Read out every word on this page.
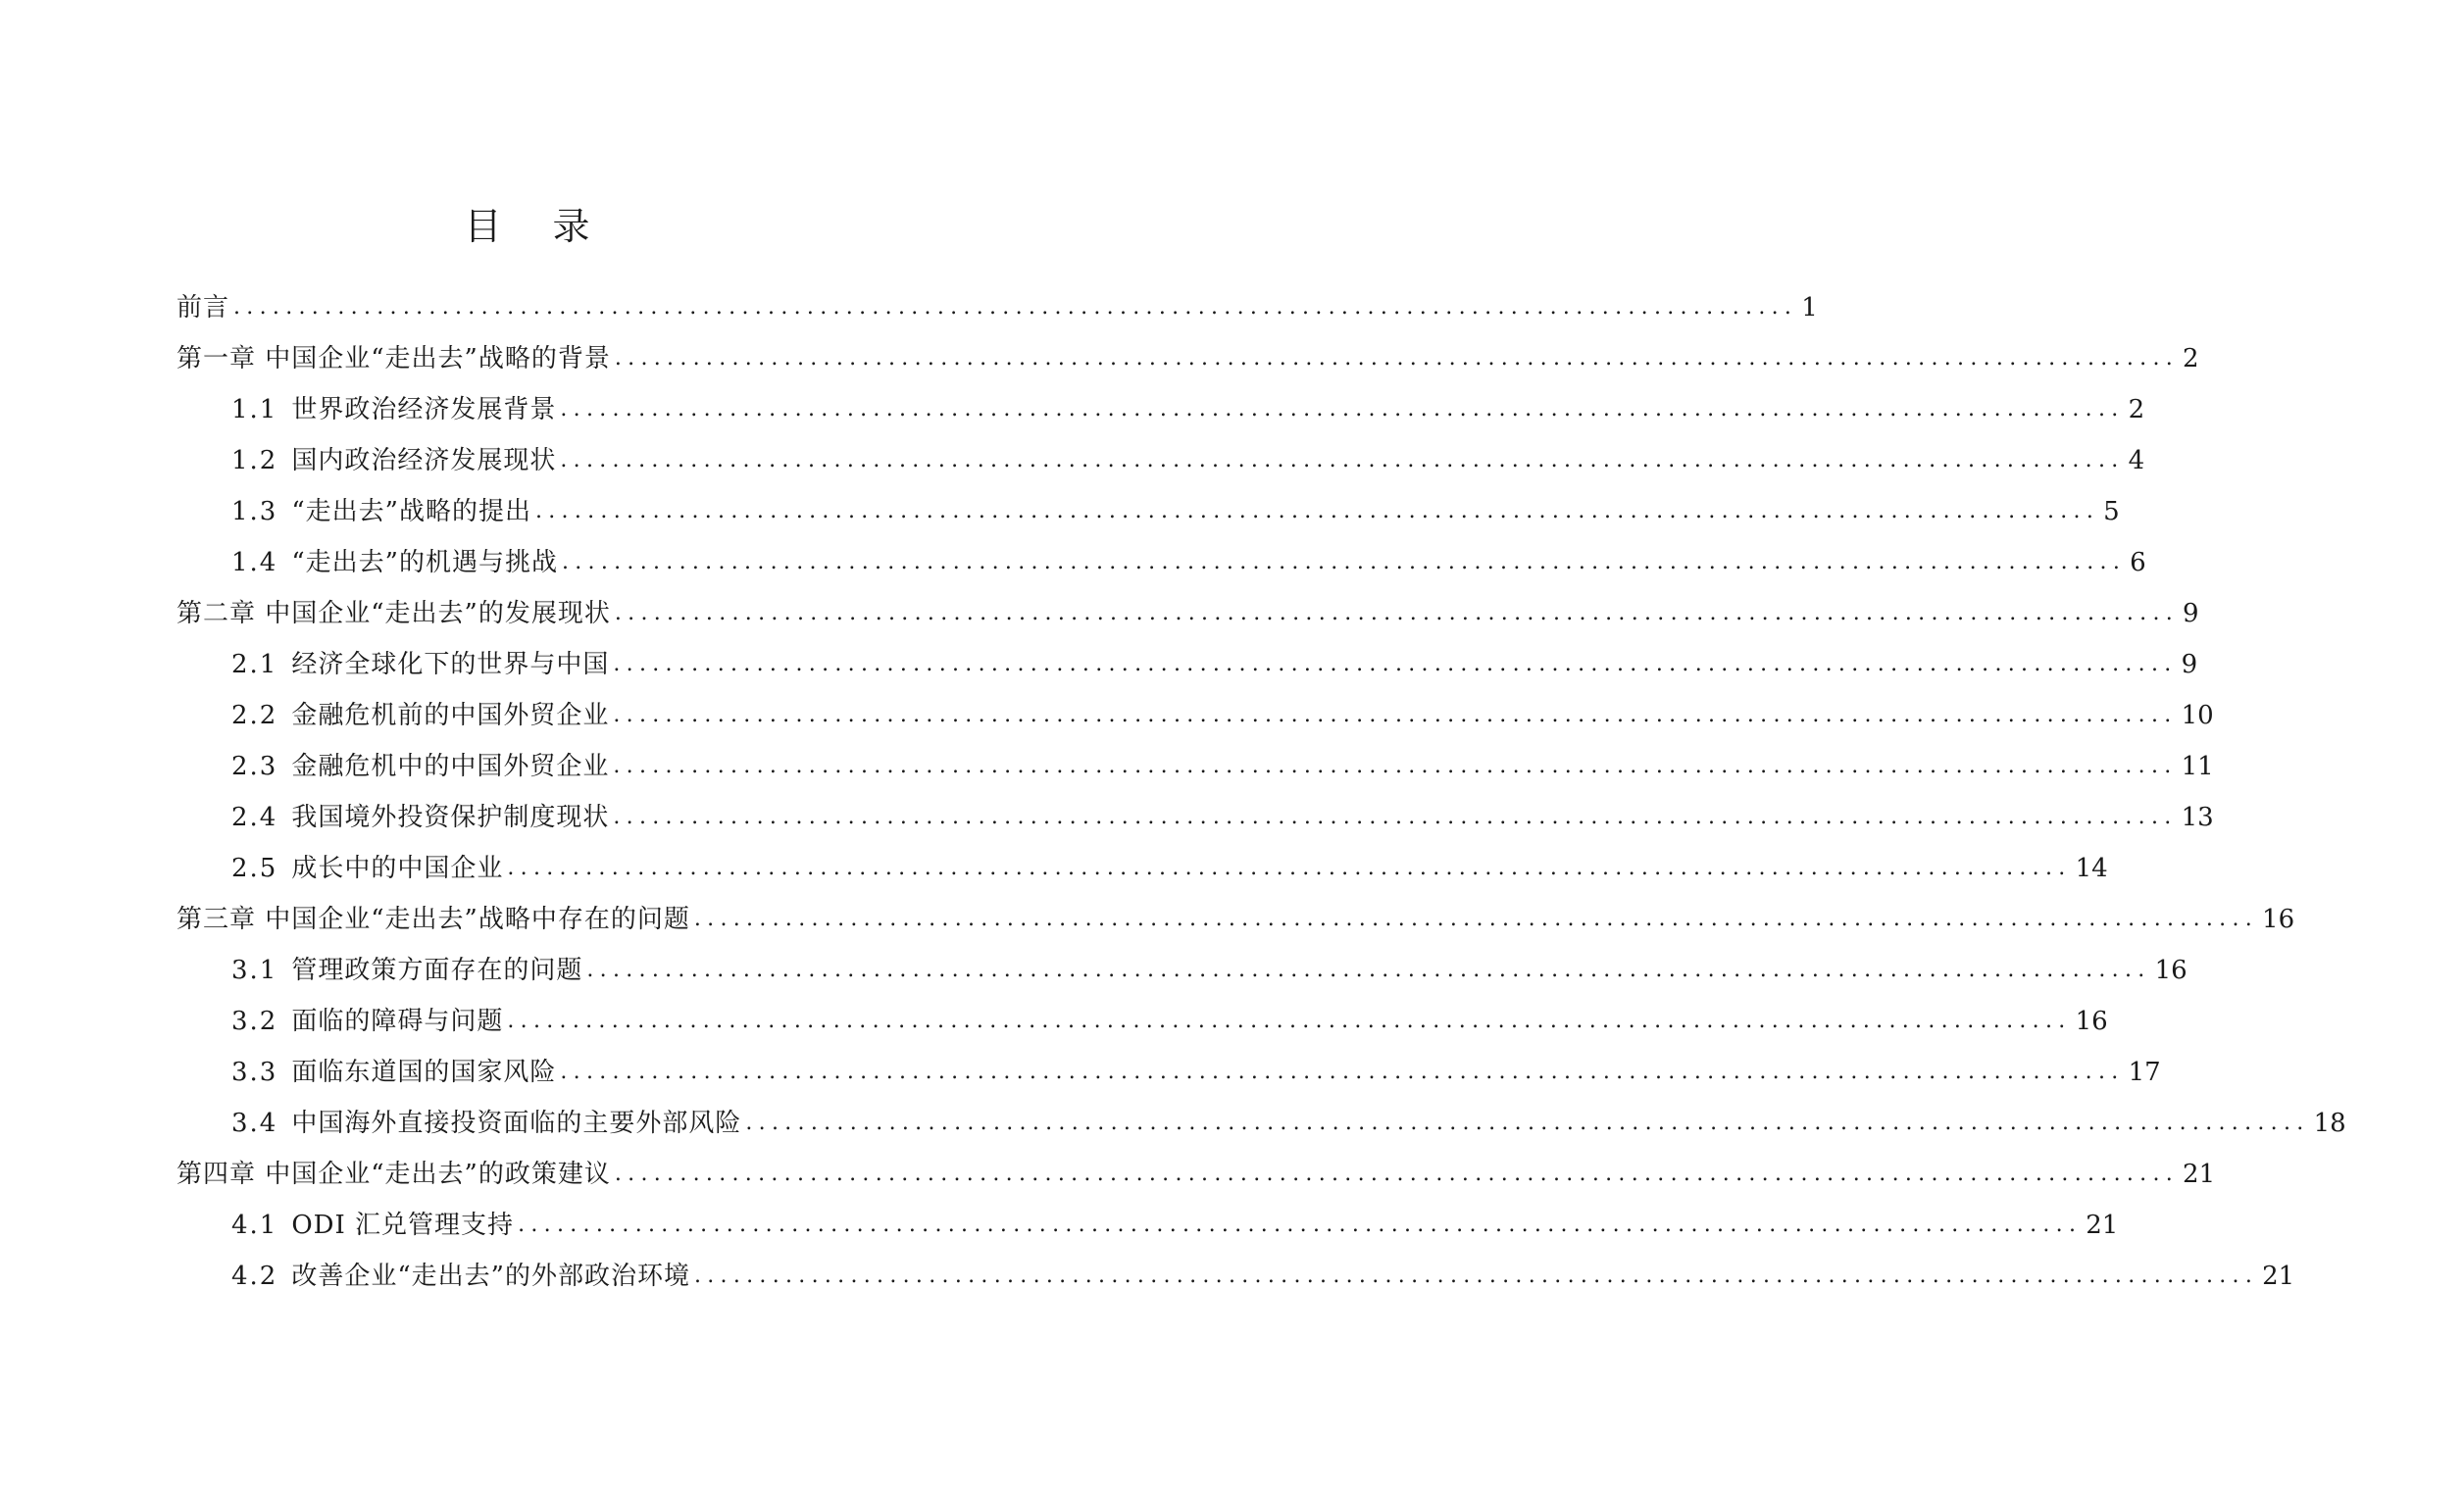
目 录
前言 ........................................................................................................................ 1
第一章 中国企业“走出去”战略的背景 ........................................................................................................................ 2
1.1 世界政治经济发展背景 ........................................................................................................................ 2
1.2 国内政治经济发展现状 ........................................................................................................................ 4
1.3 “走出去”战略的提出 ........................................................................................................................ 5
1.4 “走出去”的机遇与挑战 ........................................................................................................................ 6
第二章 中国企业“走出去”的发展现状 ........................................................................................................................ 9
2.1 经济全球化下的世界与中国 ........................................................................................................................ 9
2.2 金融危机前的中国外贸企业 ........................................................................................................................ 10
2.3 金融危机中的中国外贸企业 ........................................................................................................................ 11
2.4 我国境外投资保护制度现状 ........................................................................................................................ 13
2.5 成长中的中国企业 ........................................................................................................................ 14
第三章 中国企业“走出去”战略中存在的问题 ........................................................................................................................ 16
3.1 管理政策方面存在的问题 ........................................................................................................................ 16
3.2 面临的障碍与问题 ........................................................................................................................ 16
3.3 面临东道国的国家风险 ........................................................................................................................ 17
3.4 中国海外直接投资面临的主要外部风险 ........................................................................................................................ 18
第四章 中国企业“走出去”的政策建议 ........................................................................................................................ 21
4.1 ODI 汇兑管理支持 ........................................................................................................................ 21
4.2 改善企业“走出去”的外部政治环境 ........................................................................................................................ 21
